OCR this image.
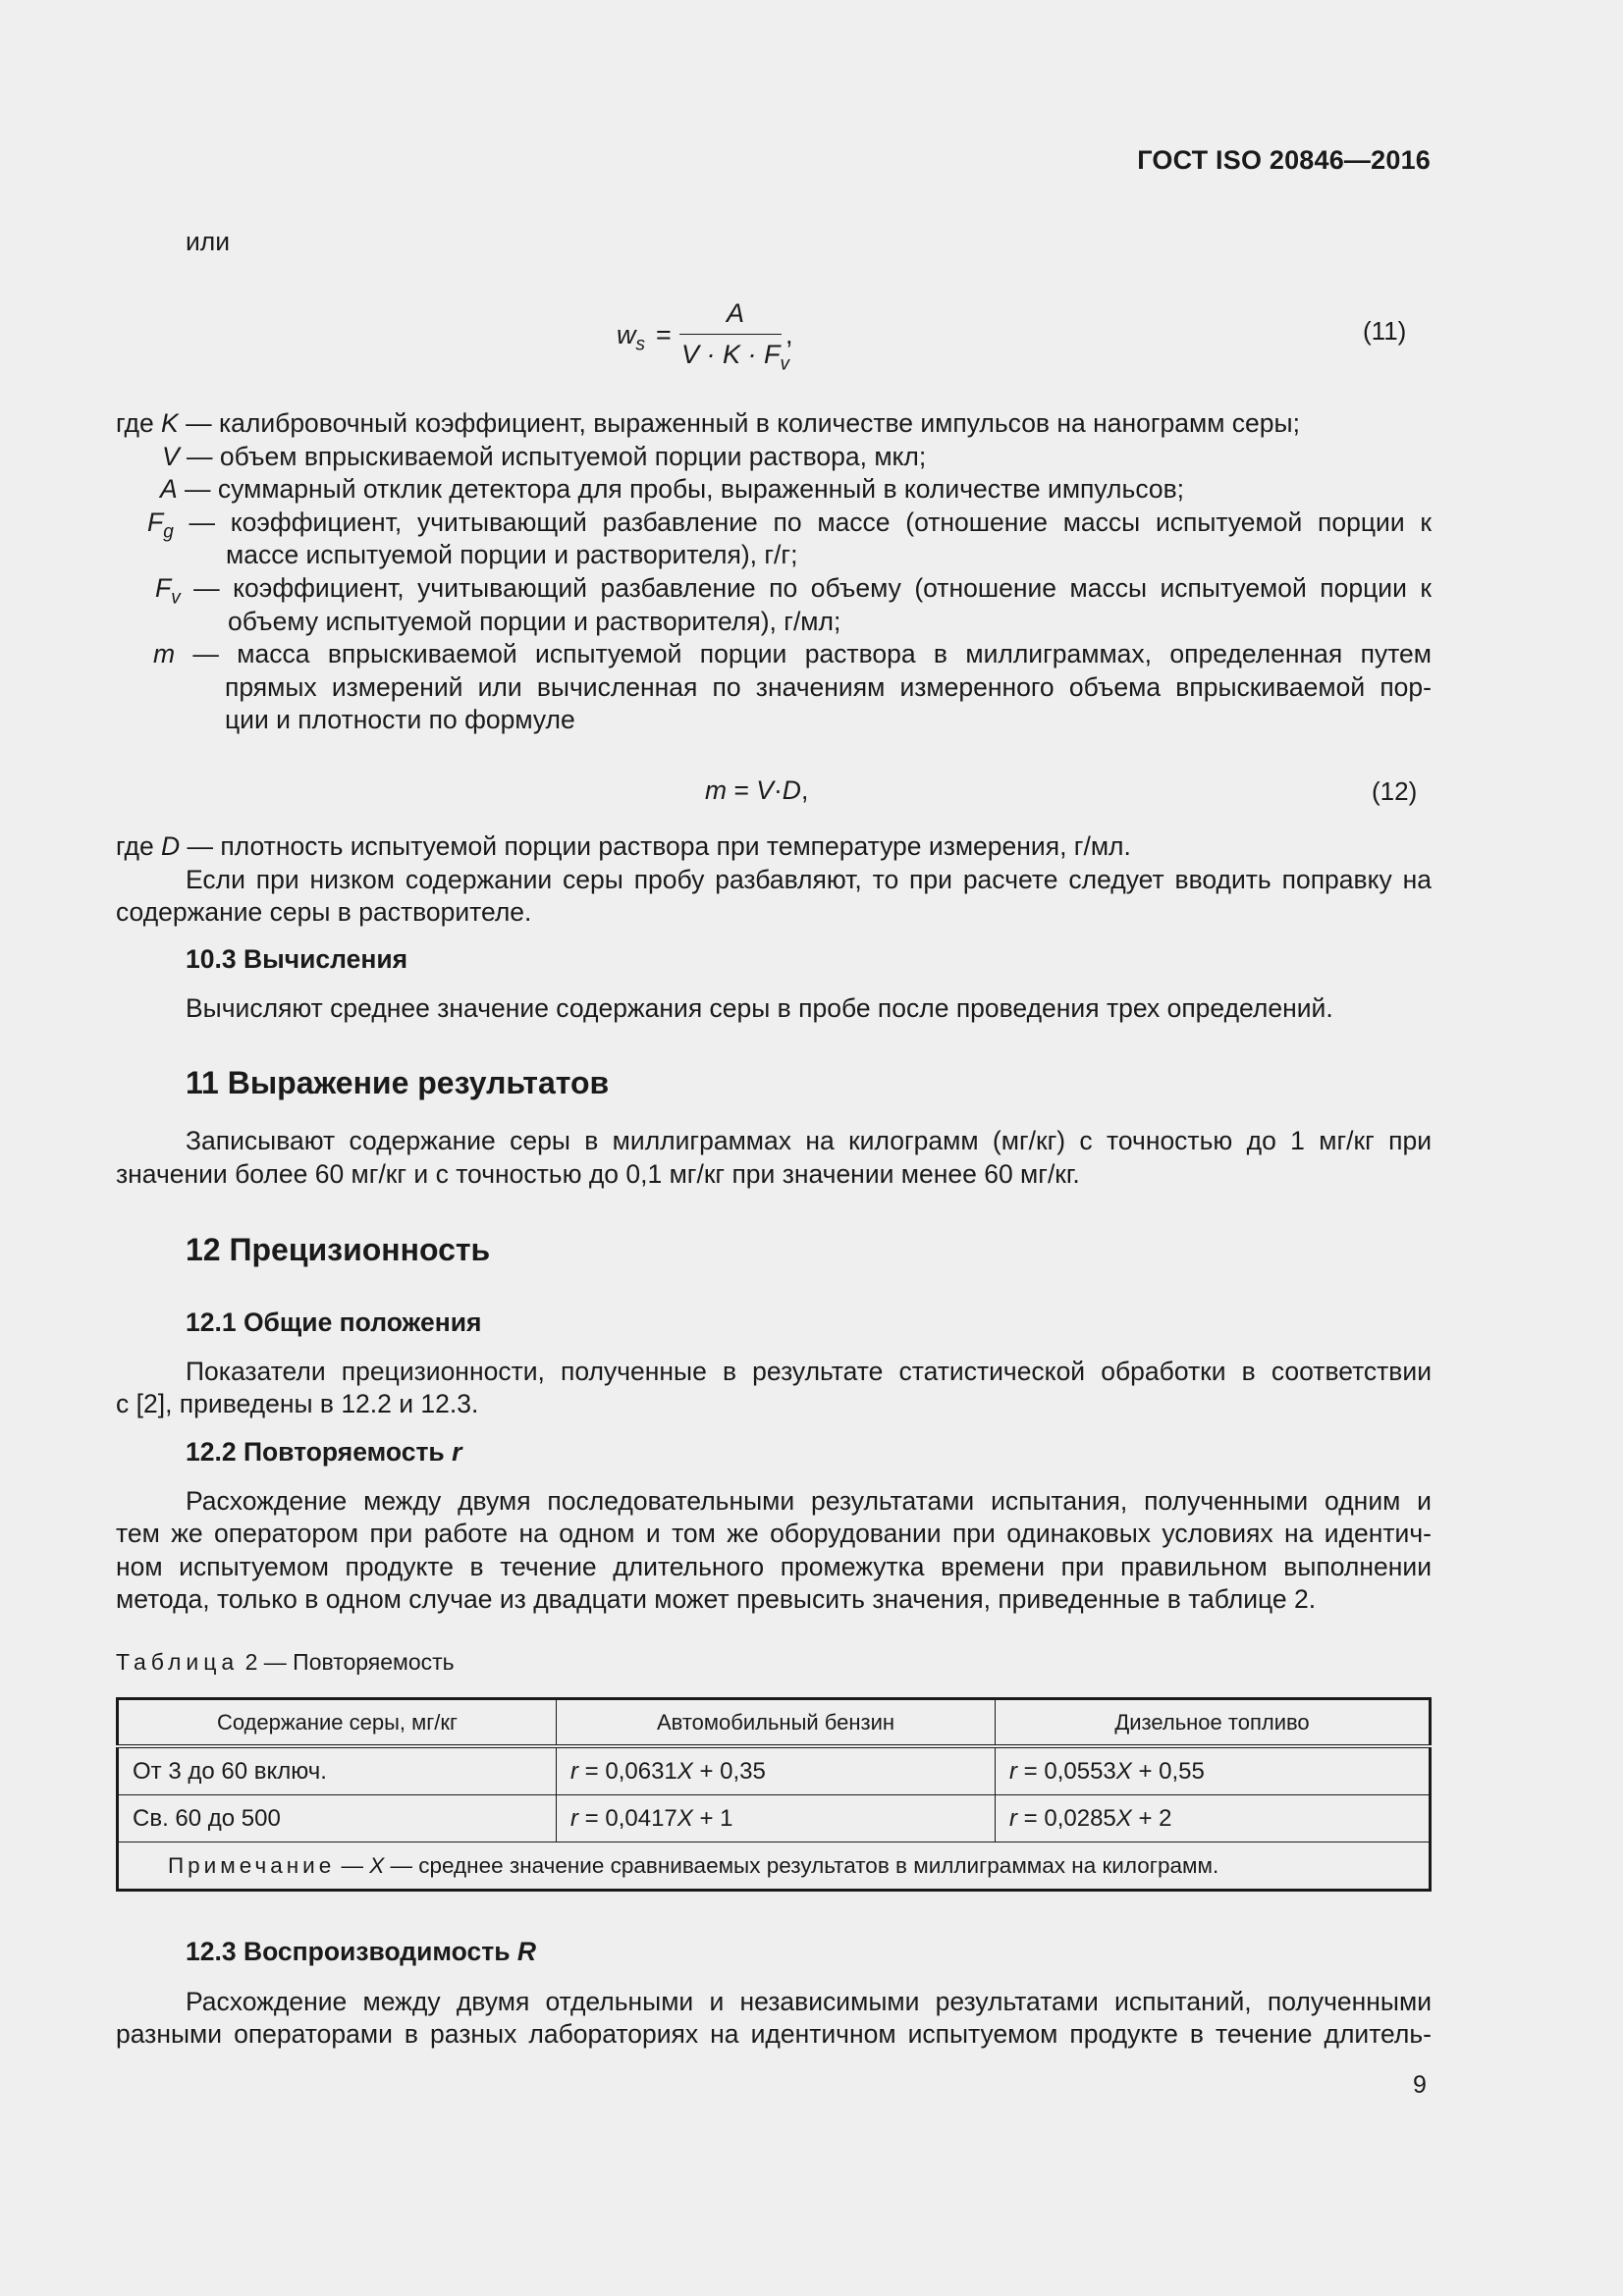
ГОСТ ISO 20846—2016
или
$w_s$ =
A
$V \cdot K \cdot F_v$
,	(11)
где K — калибровочный коэффициент, выраженный в количестве импульсов на нанограмм серы;
V — объем впрыскиваемой испытуемой порции раствора, мкл;
A — суммарный отклик детектора для пробы, выраженный в количестве импульсов;
$F_g$ — коэффициент, учитывающий разбавление по массе (отношение массы испытуемой порции к
массе испытуемой порции и растворителя), г/г;
$F_v$ — коэффициент, учитывающий разбавление по объему (отношение массы испытуемой порции к
объему испытуемой порции и растворителя), г/мл;
m — масса впрыскиваемой испытуемой порции раствора в миллиграммах, определенная путем
прямых измерений или вычисленная по значениям измеренного объема впрыскиваемой пор-
ции и плотности по формуле
m = V·D,	(12)
где D — плотность испытуемой порции раствора при температуре измерения, г/мл.
Если при низком содержании серы пробу разбавляют, то при расчете следует вводить поправку на
содержание серы в растворителе.
10.3 Вычисления
Вычисляют среднее значение содержания серы в пробе после проведения трех определений.
11 Выражение результатов
Записывают содержание серы в миллиграммах на килограмм (мг/кг) с точностью до 1 мг/кг при
значении более 60 мг/кг и с точностью до 0,1 мг/кг при значении менее 60 мг/кг.
12 Прецизионность
12.1 Общие положения
Показатели прецизионности, полученные в результате статистической обработки в соответствии
с [2], приведены в 12.2 и 12.3.
12.2 Повторяемость r
Расхождение между двумя последовательными результатами испытания, полученными одним и
тем же оператором при работе на одном и том же оборудовании при одинаковых условиях на идентич-
ном испытуемом продукте в течение длительного промежутка времени при правильном выполнении
метода, только в одном случае из двадцати может превысить значения, приведенные в таблице 2.
Таблица 2 — Повторяемость
Содержание серы, мг/кг	Автомобильный бензин	Дизельное топливо
От 3 до 60 включ.	r = 0,0631X + 0,35	r = 0,0553X + 0,55
Св. 60 до 500	r = 0,0417X + 1	r = 0,0285X + 2
Примечание — X — среднее значение сравниваемых результатов в миллиграммах на килограмм.		
12.3 Воспроизводимость R
Расхождение между двумя отдельными и независимыми результатами испытаний, полученными
разными операторами в разных лабораториях на идентичном испытуемом продукте в течение длитель-
9
